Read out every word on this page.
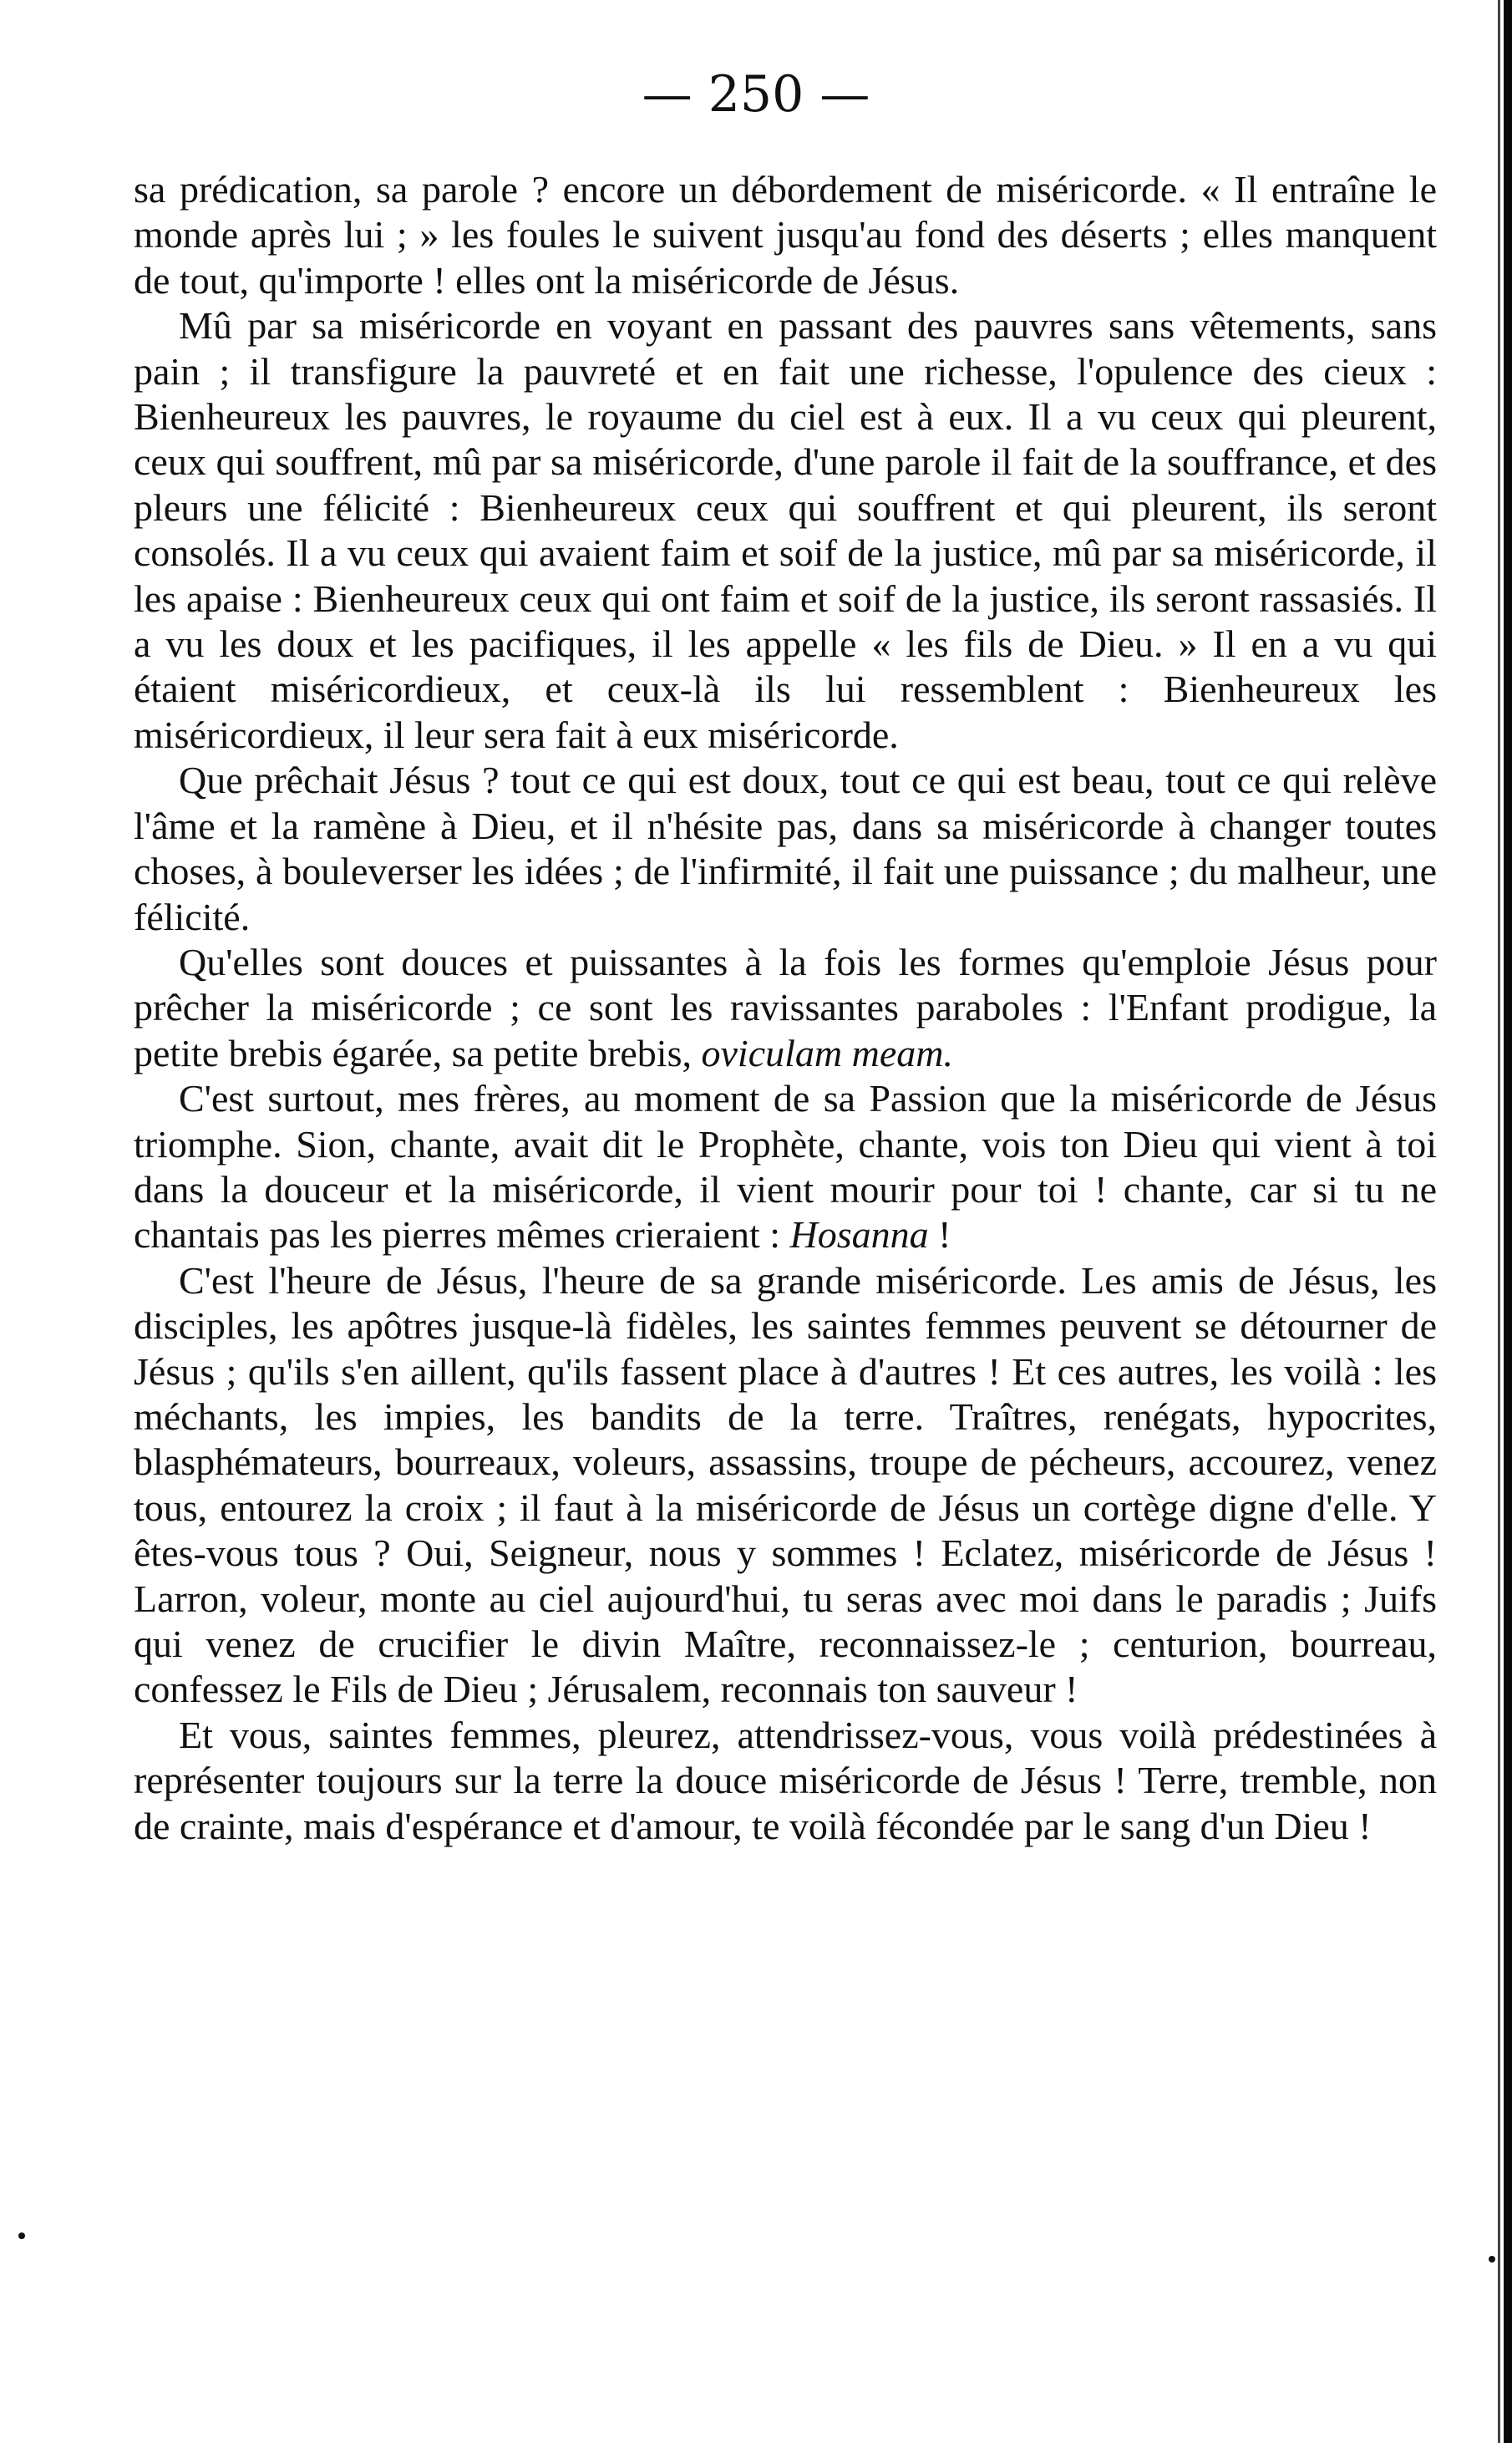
— 250 —

sa prédication, sa parole ? encore un débordement de miséricorde. « Il entraîne le monde après lui ; » les foules le suivent jusqu'au fond des déserts ; elles manquent de tout, qu'importe ! elles ont la miséricorde de Jésus.

Mû par sa miséricorde en voyant en passant des pauvres sans vêtements, sans pain ; il transfigure la pauvreté et en fait une richesse, l'opulence des cieux : Bienheureux les pauvres, le royaume du ciel est à eux. Il a vu ceux qui pleurent, ceux qui souffrent, mû par sa miséricorde, d'une parole il fait de la souffrance, et des pleurs une félicité : Bienheureux ceux qui souffrent et qui pleurent, ils seront consolés. Il a vu ceux qui avaient faim et soif de la justice, mû par sa miséricorde, il les apaise : Bienheureux ceux qui ont faim et soif de la justice, ils seront rassasiés. Il a vu les doux et les pacifiques, il les appelle « les fils de Dieu. » Il en a vu qui étaient miséricordieux, et ceux-là ils lui ressemblent : Bienheureux les miséricordieux, il leur sera fait à eux miséricorde.

Que prêchait Jésus ? tout ce qui est doux, tout ce qui est beau, tout ce qui relève l'âme et la ramène à Dieu, et il n'hésite pas, dans sa miséricorde à changer toutes choses, à bouleverser les idées ; de l'infirmité, il fait une puissance ; du malheur, une félicité.

Qu'elles sont douces et puissantes à la fois les formes qu'emploie Jésus pour prêcher la miséricorde ; ce sont les ravissantes paraboles : l'Enfant prodigue, la petite brebis égarée, sa petite brebis, oviculam meam.

C'est surtout, mes frères, au moment de sa Passion que la miséricorde de Jésus triomphe. Sion, chante, avait dit le Prophète, chante, vois ton Dieu qui vient à toi dans la douceur et la miséricorde, il vient mourir pour toi ! chante, car si tu ne chantais pas les pierres mêmes crieraient : Hosanna !

C'est l'heure de Jésus, l'heure de sa grande miséricorde. Les amis de Jésus, les disciples, les apôtres jusque-là fidèles, les saintes femmes peuvent se détourner de Jésus ; qu'ils s'en aillent, qu'ils fassent place à d'autres ! Et ces autres, les voilà : les méchants, les impies, les bandits de la terre. Traîtres, renégats, hypocrites, blasphémateurs, bourreaux, voleurs, assassins, troupe de pécheurs, accourez, venez tous, entourez la croix ; il faut à la miséricorde de Jésus un cortège digne d'elle. Y êtes-vous tous ? Oui, Seigneur, nous y sommes ! Eclatez, miséricorde de Jésus ! Larron, voleur, monte au ciel aujourd'hui, tu seras avec moi dans le paradis ; Juifs qui venez de crucifier le divin Maître, reconnaissez-le ; centurion, bourreau, confessez le Fils de Dieu ; Jérusalem, reconnais ton sauveur !

Et vous, saintes femmes, pleurez, attendrissez-vous, vous voilà prédestinées à représenter toujours sur la terre la douce miséricorde de Jésus ! Terre, tremble, non de crainte, mais d'espérance et d'amour, te voilà fécondée par le sang d'un Dieu !
